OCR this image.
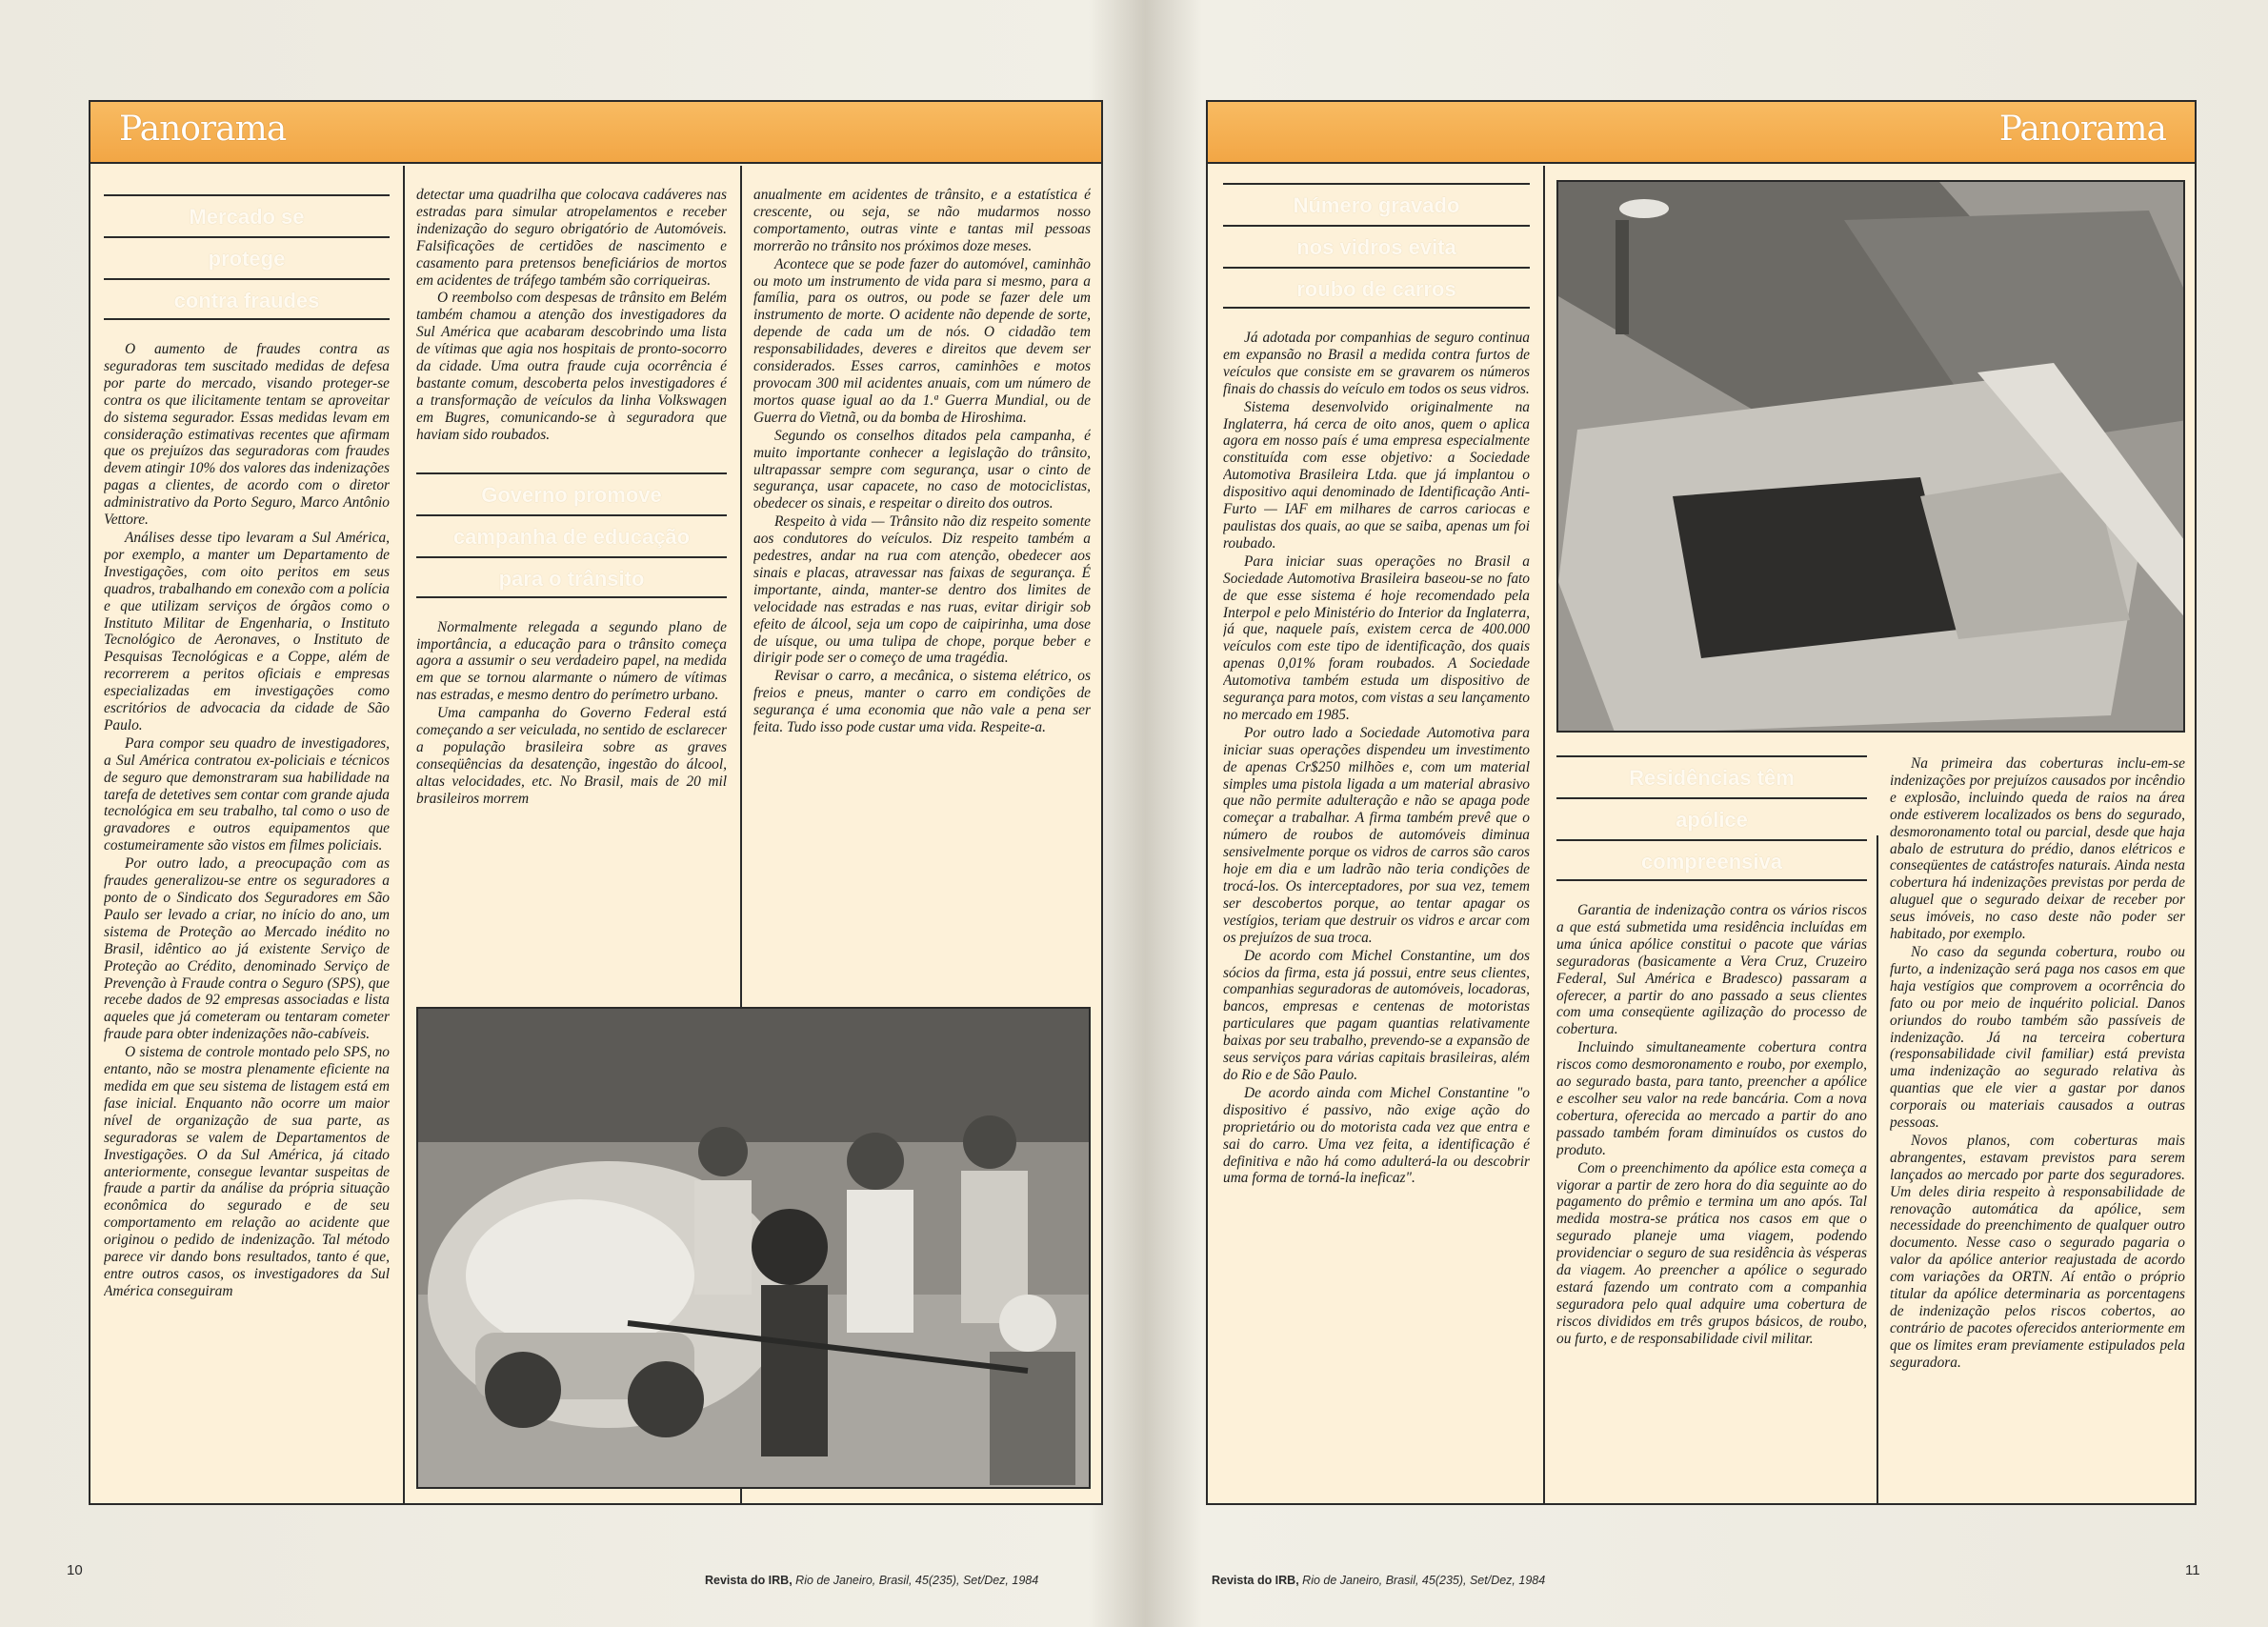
Panorama
Mercado se
protege
contra fraudes

O aumento de fraudes contra as seguradoras tem suscitado medidas de defesa por parte do mercado, visando proteger-se contra os que ilicitamente tentam se aproveitar do sistema segurador. Essas medidas levam em consideração estimativas recentes que afirmam que os prejuízos das seguradoras com fraudes devem atingir 10% dos valores das indenizações pagas a clientes, de acordo com o diretor administrativo da Porto Seguro, Marco Antônio Vettore.

Análises desse tipo levaram a Sul América, por exemplo, a manter um Departamento de Investigações, com oito peritos em seus quadros, trabalhando em conexão com a polícia e que utilizam serviços de órgãos como o Instituto Militar de Engenharia, o Instituto Tecnológico de Aeronaves, o Instituto de Pesquisas Tecnológicas e a Coppe, além de recorrerem a peritos oficiais e empresas especializadas em investigações como escritórios de advocacia da cidade de São Paulo.

Para compor seu quadro de investigadores, a Sul América contratou ex-policiais e técnicos de seguro que demonstraram sua habilidade na tarefa de detetives sem contar com grande ajuda tecnológica em seu trabalho, tal como o uso de gravadores e outros equipamentos que costumeiramente são vistos em filmes policiais.

Por outro lado, a preocupação com as fraudes generalizou-se entre os seguradores a ponto de o Sindicato dos Seguradores em São Paulo ser levado a criar, no início do ano, um sistema de Proteção ao Mercado inédito no Brasil, idêntico ao já existente Serviço de Proteção ao Crédito, denominado Serviço de Prevenção à Fraude contra o Seguro (SPS), que recebe dados de 92 empresas associadas e lista aqueles que já cometeram ou tentaram cometer fraude para obter indenizações não-cabíveis.

O sistema de controle montado pelo SPS, no entanto, não se mostra plenamente eficiente na medida em que seu sistema de listagem está em fase inicial. Enquanto não ocorre um maior nível de organização de sua parte, as seguradoras se valem de Departamentos de Investigações. O da Sul América, já citado anteriormente, consegue levantar suspeitas de fraude a partir da análise da própria situação econômica do segurado e de seu comportamento em relação ao acidente que originou o pedido de indenização. Tal método parece vir dando bons resultados, tanto é que, entre outros casos, os investigadores da Sul América conseguiram

detectar uma quadrilha que colocava cadáveres nas estradas para simular atropelamentos e receber indenização do seguro obrigatório de Automóveis. Falsificações de certidões de nascimento e casamento para pretensos beneficiários de mortos em acidentes de tráfego também são corriqueiras.

O reembolso com despesas de trânsito em Belém também chamou a atenção dos investigadores da Sul América que acabaram descobrindo uma lista de vítimas que agia nos hospitais de pronto-socorro da cidade. Uma outra fraude cuja ocorrência é bastante comum, descoberta pelos investigadores é a transformação de veículos da linha Volkswagen em Bugres, comunicando-se à seguradora que haviam sido roubados.

Governo promove
campanha de educação
para o trânsito

Normalmente relegada a segundo plano de importância, a educação para o trânsito começa agora a assumir o seu verdadeiro papel, na medida em que se tornou alarmante o número de vítimas nas estradas, e mesmo dentro do perímetro urbano.

Uma campanha do Governo Federal está começando a ser veiculada, no sentido de esclarecer a população brasileira sobre as graves conseqüências da desatenção, ingestão do álcool, altas velocidades, etc. No Brasil, mais de 20 mil brasileiros morrem

anualmente em acidentes de trânsito, e a estatística é crescente, ou seja, se não mudarmos nosso comportamento, outras vinte e tantas mil pessoas morrerão no trânsito nos próximos doze meses.

Acontece que se pode fazer do automóvel, caminhão ou moto um instrumento de vida para si mesmo, para a família, para os outros, ou pode se fazer dele um instrumento de morte. O acidente não depende de sorte, depende de cada um de nós. O cidadão tem responsabilidades, deveres e direitos que devem ser considerados. Esses carros, caminhões e motos provocam 300 mil acidentes anuais, com um número de mortos quase igual ao da 1.ª Guerra Mundial, ou de Guerra do Vietnã, ou da bomba de Hiroshima.

Segundo os conselhos ditados pela campanha, é muito importante conhecer a legislação do trânsito, ultrapassar sempre com segurança, usar o cinto de segurança, usar capacete, no caso de motociclistas, obedecer os sinais, e respeitar o direito dos outros.

Respeito à vida — Trânsito não diz respeito somente aos condutores do veículos. Diz respeito também a pedestres, andar na rua com atenção, obedecer aos sinais e placas, atravessar nas faixas de segurança. É importante, ainda, manter-se dentro dos limites de velocidade nas estradas e nas ruas, evitar dirigir sob efeito de álcool, seja um copo de caipirinha, uma dose de uísque, ou uma tulipa de chope, porque beber e dirigir pode ser o começo de uma tragédia.

Revisar o carro, a mecânica, o sistema elétrico, os freios e pneus, manter o carro em condições de segurança é uma economia que não vale a pena ser feita. Tudo isso pode custar uma vida. Respeite-a.

10
Revista do IRB, Rio de Janeiro, Brasil, 45(235), Set/Dez, 1984
Panorama
Número gravado
nos vidros evita
roubo de carros

Já adotada por companhias de seguro continua em expansão no Brasil a medida contra furtos de veículos que consiste em se gravarem os números finais do chassis do veículo em todos os seus vidros.

Sistema desenvolvido originalmente na Inglaterra, há cerca de oito anos, quem o aplica agora em nosso país é uma empresa especialmente constituída com esse objetivo: a Sociedade Automotiva Brasileira Ltda. que já implantou o dispositivo aqui denominado de Identificação Anti-Furto — IAF em milhares de carros cariocas e paulistas dos quais, ao que se saiba, apenas um foi roubado.

Para iniciar suas operações no Brasil a Sociedade Automotiva Brasileira baseou-se no fato de que esse sistema é hoje recomendado pela Interpol e pelo Ministério do Interior da Inglaterra, já que, naquele país, existem cerca de 400.000 veículos com este tipo de identificação, dos quais apenas 0,01% foram roubados. A Sociedade Automotiva também estuda um dispositivo de segurança para motos, com vistas a seu lançamento no mercado em 1985.

Por outro lado a Sociedade Automotiva para iniciar suas operações dispendeu um investimento de apenas Cr$250 milhões e, com um material simples uma pistola ligada a um material abrasivo que não permite adulteração e não se apaga pode começar a trabalhar. A firma também prevê que o número de roubos de automóveis diminua sensivelmente porque os vidros de carros são caros hoje em dia e um ladrão não teria condições de trocá-los. Os interceptadores, por sua vez, temem ser descobertos porque, ao tentar apagar os vestígios, teriam que destruir os vidros e arcar com os prejuízos de sua troca.

De acordo com Michel Constantine, um dos sócios da firma, esta já possui, entre seus clientes, companhias seguradoras de automóveis, locadoras, bancos, empresas e centenas de motoristas particulares que pagam quantias relativamente baixas por seu trabalho, prevendo-se a expansão de seus serviços para várias capitais brasileiras, além do Rio e de São Paulo.

De acordo ainda com Michel Constantine "o dispositivo é passivo, não exige ação do proprietário ou do motorista cada vez que entra e sai do carro. Uma vez feita, a identificação é definitiva e não há como adulterá-la ou descobrir uma forma de torná-la ineficaz".

Residências têm
apólice
compreensiva

Garantia de indenização contra os vários riscos a que está submetida uma residência incluídas em uma única apólice constitui o pacote que várias seguradoras (basicamente a Vera Cruz, Cruzeiro Federal, Sul América e Bradesco) passaram a oferecer, a partir do ano passado a seus clientes com uma conseqüente agilização do processo de cobertura.

Incluindo simultaneamente cobertura contra riscos como desmoronamento e roubo, por exemplo, ao segurado basta, para tanto, preencher a apólice e escolher seu valor na rede bancária. Com a nova cobertura, oferecida ao mercado a partir do ano passado também foram diminuídos os custos do produto.

Com o preenchimento da apólice esta começa a vigorar a partir de zero hora do dia seguinte ao do pagamento do prêmio e termina um ano após. Tal medida mostra-se prática nos casos em que o segurado planeje uma viagem, podendo providenciar o seguro de sua residência às vésperas da viagem. Ao preencher a apólice o segurado estará fazendo um contrato com a companhia seguradora pelo qual adquire uma cobertura de riscos divididos em três grupos básicos, de roubo, ou furto, e de responsabilidade civil militar.

Na primeira das coberturas inclu-em-se indenizações por prejuízos causados por incêndio e explosão, incluindo queda de raios na área onde estiverem localizados os bens do segurado, desmoronamento total ou parcial, desde que haja abalo de estrutura do prédio, danos elétricos e conseqüentes de catástrofes naturais. Ainda nesta cobertura há indenizações previstas por perda de aluguel que o segurado deixar de receber por seus imóveis, no caso deste não poder ser habitado, por exemplo.

No caso da segunda cobertura, roubo ou furto, a indenização será paga nos casos em que haja vestígios que comprovem a ocorrência do fato ou por meio de inquérito policial. Danos oriundos do roubo também são passíveis de indenização. Já na terceira cobertura (responsabilidade civil familiar) está prevista uma indenização ao segurado relativa às quantias que ele vier a gastar por danos corporais ou materiais causados a outras pessoas.

Novos planos, com coberturas mais abrangentes, estavam previstos para serem lançados ao mercado por parte dos seguradores. Um deles diria respeito à responsabilidade de renovação automática da apólice, sem necessidade do preenchimento de qualquer outro documento. Nesse caso o segurado pagaria o valor da apólice anterior reajustada de acordo com variações da ORTN. Aí então o próprio titular da apólice determinaria as porcentagens de indenização pelos riscos cobertos, ao contrário de pacotes oferecidos anteriormente em que os limites eram previamente estipulados pela seguradora.

Revista do IRB, Rio de Janeiro, Brasil, 45(235), Set/Dez, 1984
11
